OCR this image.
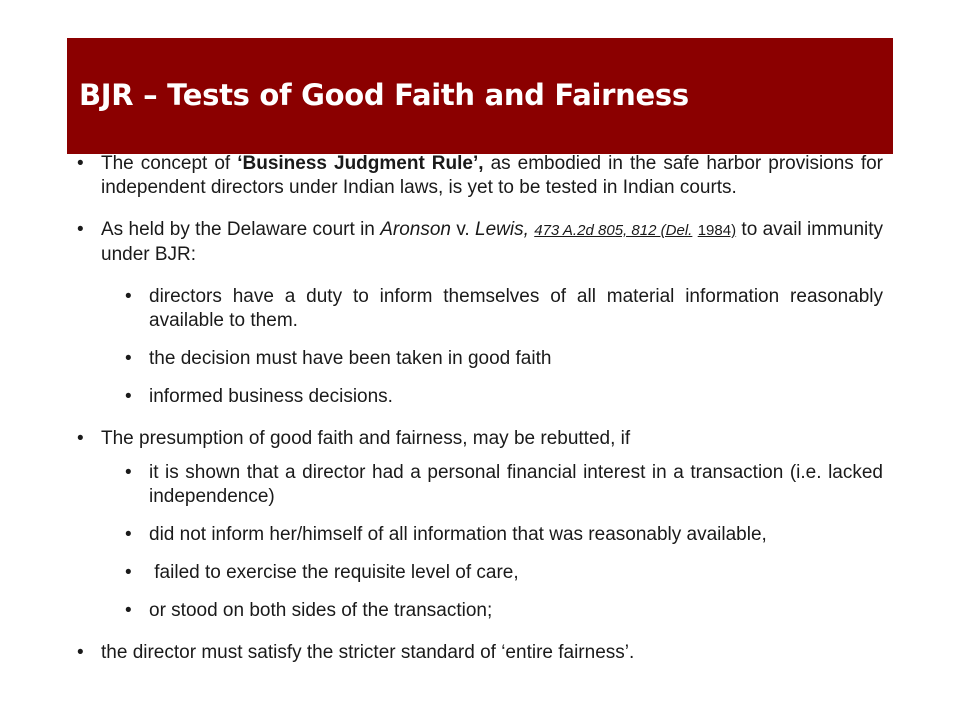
BJR – Tests of Good Faith and Fairness
• The concept of ‘Business Judgment Rule’, as embodied in the safe harbor provisions for independent directors under Indian laws, is yet to be tested in Indian courts.
• As held by the Delaware court in Aronson v. Lewis, 473 A.2d 805, 812 (Del. 1984) to avail immunity under BJR:
• directors have a duty to inform themselves of all material information reasonably available to them.
• the decision must have been taken in good faith
• informed business decisions.
• The presumption of good faith and fairness, may be rebutted, if
• it is shown that a director had a personal financial interest in a transaction (i.e. lacked independence)
• did not inform her/himself of all information that was reasonably available,
• failed to exercise the requisite level of care,
• or stood on both sides of the transaction;
• the director must satisfy the stricter standard of ‘entire fairness’.
